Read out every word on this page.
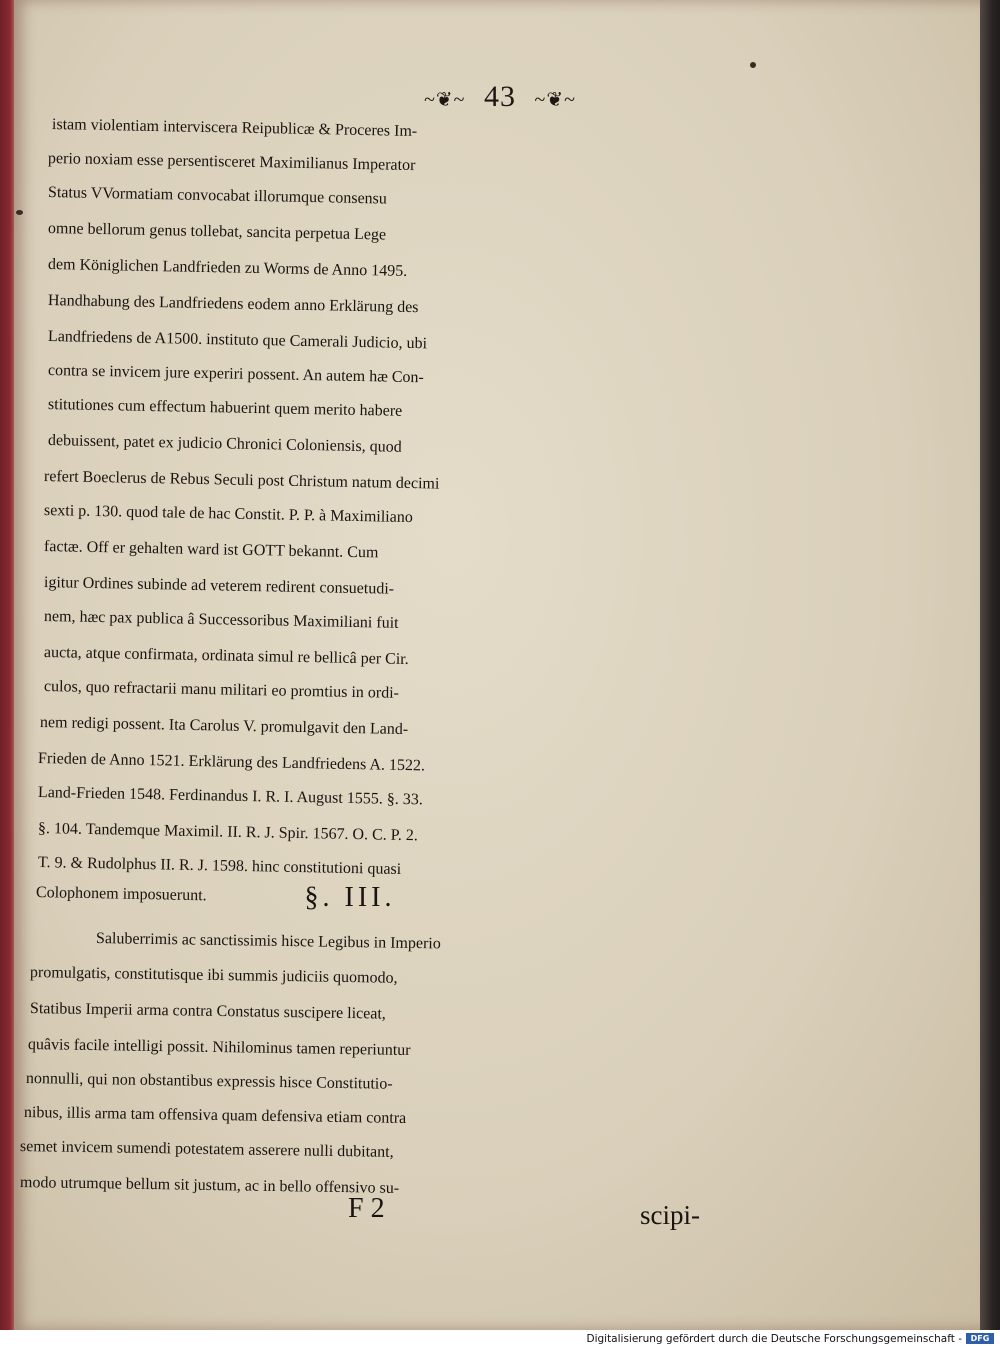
~❦~ 43 ~❦~
istam violentiam interviscera Reipublicæ & Proceres Im-
perio noxiam esse persentisceret Maximilianus Imperator
Status VVormatiam convocabat illorumque consensu
omne bellorum genus tollebat, sancita perpetua Lege
dem Königlichen Landfrieden zu Worms de Anno 1495.
Handhabung des Landfriedens eodem anno Erklärung des
Landfriedens de A1500. instituto que Camerali Judicio, ubi
contra se invicem jure experiri possent. An autem hæ Con-
stitutiones cum effectum habuerint quem merito habere
debuissent, patet ex judicio Chronici Coloniensis, quod
refert Boeclerus de Rebus Seculi post Christum natum decimi
sexti p. 130. quod tale de hac Constit. P. P. à Maximiliano
factæ. Off er gehalten ward ist GOTT bekannt. Cum
igitur Ordines subinde ad veterem redirent consuetudi-
nem, hæc pax publica â Successoribus Maximiliani fuit
aucta, atque confirmata, ordinata simul re bellicâ per Cir.
culos, quo refractarii manu militari eo promtius in ordi-
nem redigi possent. Ita Carolus V. promulgavit den Land-
Frieden de Anno 1521. Erklärung des Landfriedens A. 1522.
Land-Frieden 1548. Ferdinandus I. R. I. August 1555. §. 33.
§. 104. Tandemque Maximil. II. R. J. Spir. 1567. O. C. P. 2.
T. 9. & Rudolphus II. R. J. 1598. hinc constitutioni quasi
Colophonem imposuerunt.	§. III.
Saluberrimis ac sanctissimis hisce Legibus in Imperio
promulgatis, constitutisque ibi summis judiciis quomodo,
Statibus Imperii arma contra Constatus suscipere liceat,
quâvis facile intelligi possit. Nihilominus tamen reperiuntur
nonnulli, qui non obstantibus expressis hisce Constitutio-
nibus, illis arma tam offensiva quam defensiva etiam contra
semet invicem sumendi potestatem asserere nulli dubitant,
modo utrumque bellum sit justum, ac in bello offensivo su-
F 2	scipi-
Digitalisierung gefördert durch die Deutsche Forschungsgemeinschaft -	DFG
